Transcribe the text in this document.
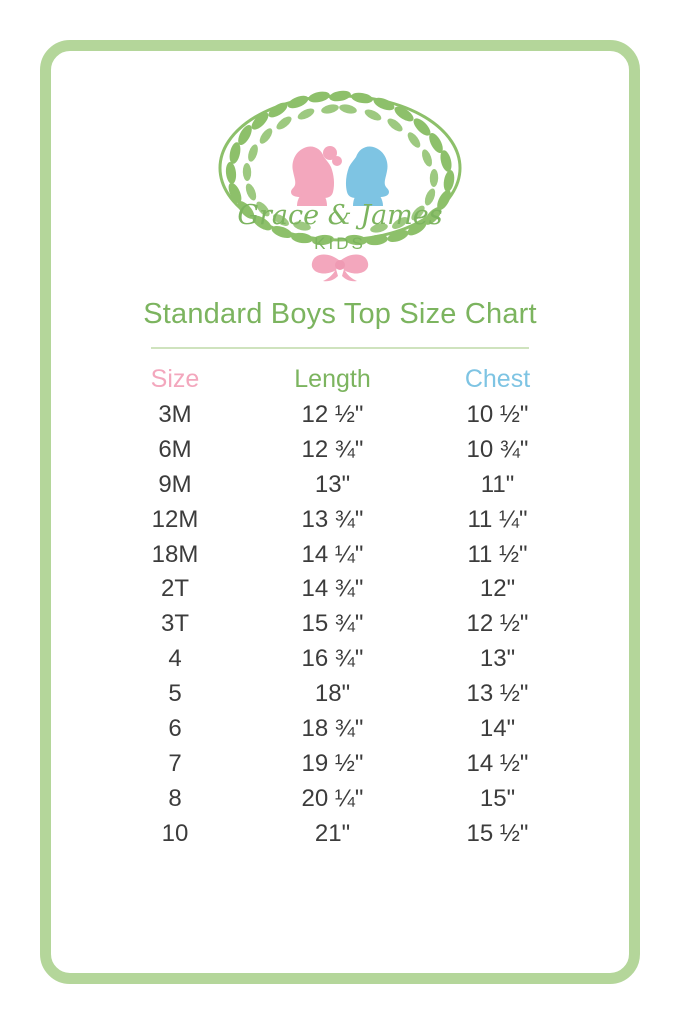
Grace & James
KIDS
Standard Boys Top Size Chart
Size	Length	Chest
3M	12 ½"	10 ½"
6M	12 ¾"	10 ¾"
9M	13"	11"
12M	13 ¾"	11 ¼"
18M	14 ¼"	11 ½"
2T	14 ¾"	12"
3T	15 ¾"	12 ½"
4	16 ¾"	13"
5	18"	13 ½"
6	18 ¾"	14"
7	19 ½"	14 ½"
8	20 ¼"	15"
10	21"	15 ½"
